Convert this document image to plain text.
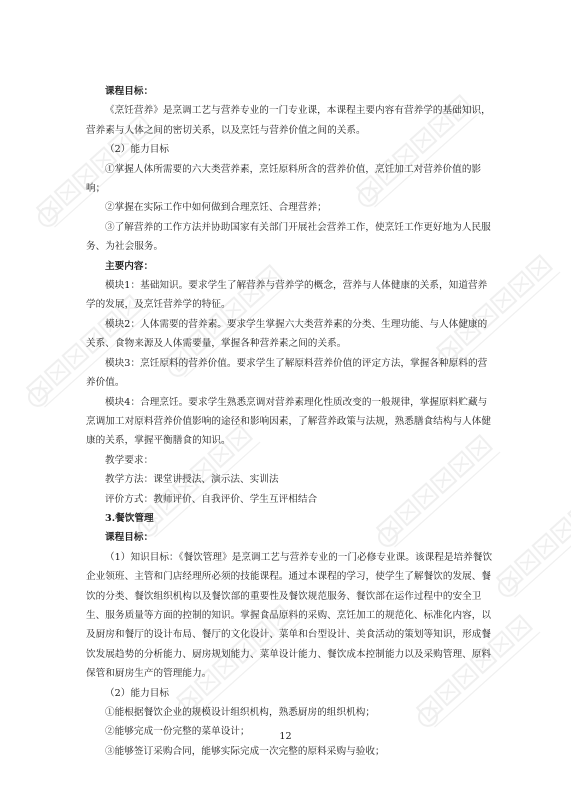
课程目标：

《烹饪营养》是烹调工艺与营养专业的一门专业课，本课程主要内容有营养学的基础知识，营养素与人体之间的密切关系，以及烹饪与营养价值之间的关系。

（2）能力目标

①掌握人体所需要的六大类营养素，烹饪原料所含的营养价值，烹饪加工对营养价值的影响；

②掌握在实际工作中如何做到合理烹饪、合理营养；

③了解营养的工作方法并协助国家有关部门开展社会营养工作，使烹饪工作更好地为人民服务、为社会服务。

主要内容：

模块1：基础知识。要求学生了解营养与营养学的概念，营养与人体健康的关系，知道营养学的发展，及烹饪营养学的特征。

模块2：人体需要的营养素。要求学生掌握六大类营养素的分类、生理功能、与人体健康的关系、食物来源及人体需要量，掌握各种营养素之间的关系。

模块3：烹饪原料的营养价值。要求学生了解原料营养价值的评定方法，掌握各种原料的营养价值。

模块4：合理烹饪。要求学生熟悉烹调对营养素理化性质改变的一般规律，掌握原料贮藏与烹调加工对原料营养价值影响的途径和影响因素，了解营养政策与法规，熟悉膳食结构与人体健康的关系，掌握平衡膳食的知识。

教学要求：

教学方法：课堂讲授法、演示法、实训法

评价方式：教师评价、自我评价、学生互评相结合

3.餐饮管理

课程目标：

（1）知识目标：《餐饮管理》是烹调工艺与营养专业的一门必修专业课。该课程是培养餐饮企业领班、主管和门店经理所必须的技能课程。通过本课程的学习，使学生了解餐饮的发展、餐饮的分类、餐饮组织机构以及餐饮部的重要性及餐饮规范服务、餐饮部在运作过程中的安全卫生、服务质量等方面的控制的知识。掌握食品原料的采购、烹饪加工的规范化、标准化内容，以及厨房和餐厅的设计布局、餐厅的文化设计、菜单和台型设计、美食活动的策划等知识，形成餐饮发展趋势的分析能力、厨房规划能力、菜单设计能力、餐饮成本控制能力以及采购管理、原料保管和厨房生产的管理能力。

（2）能力目标

①能根据餐饮企业的规模设计组织机构，熟悉厨房的组织机构；

②能够完成一份完整的菜单设计；

③能够签订采购合同，能够实际完成一次完整的原料采购与验收；

12
